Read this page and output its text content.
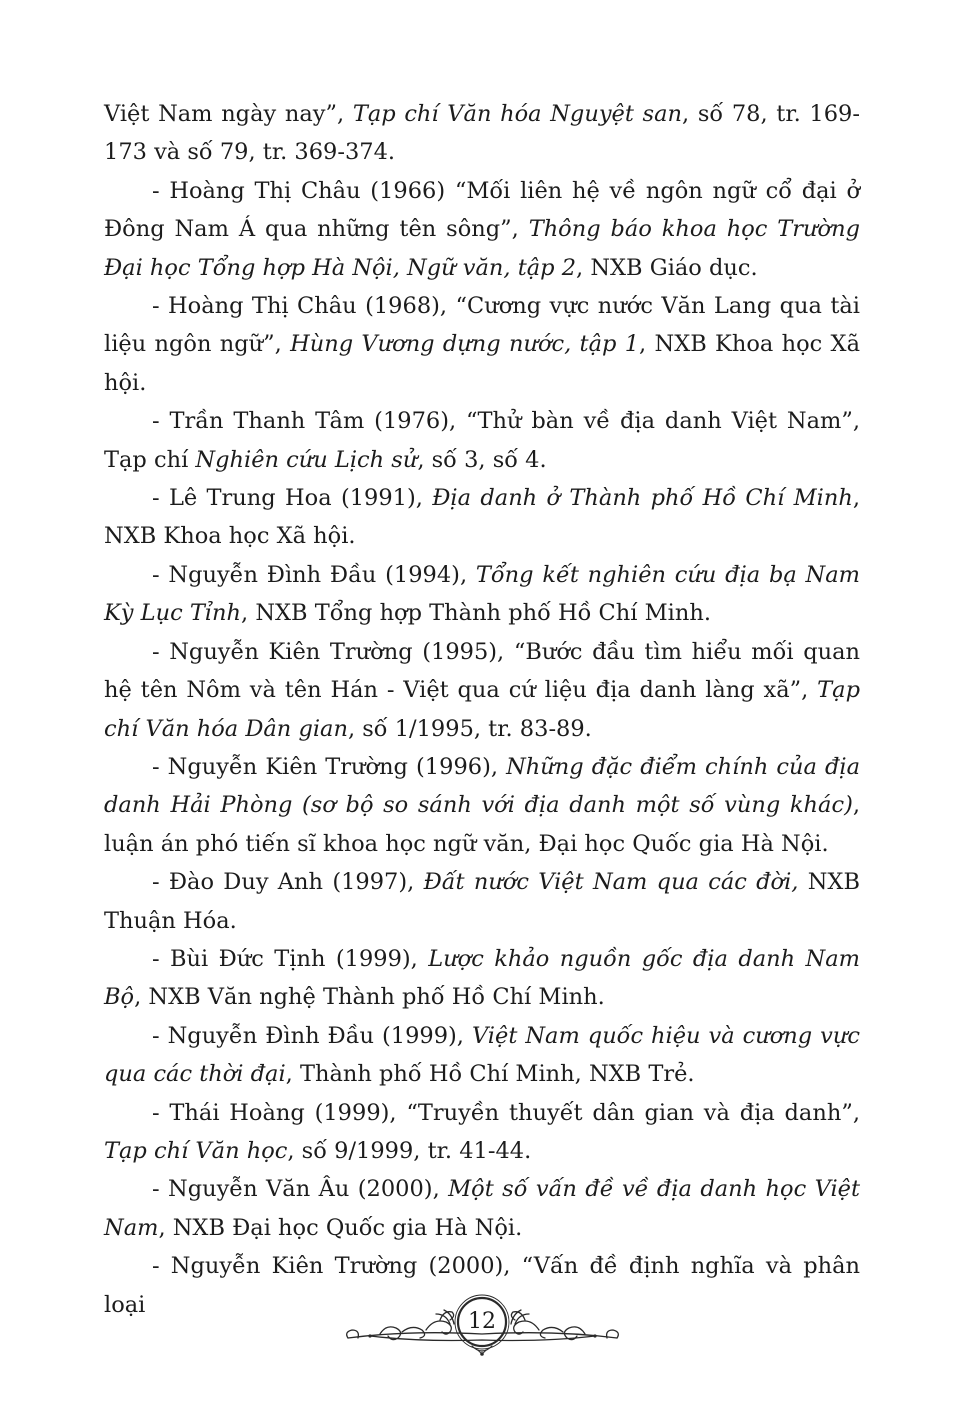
Việt Nam ngày nay”, Tạp chí Văn hóa Nguyệt san, số 78, tr. 169-173 và số 79, tr. 369-374.

- Hoàng Thị Châu (1966) “Mối liên hệ về ngôn ngữ cổ đại ở Đông Nam Á qua những tên sông”, Thông báo khoa học Trường Đại học Tổng hợp Hà Nội, Ngữ văn, tập 2, NXB Giáo dục.

- Hoàng Thị Châu (1968), “Cương vực nước Văn Lang qua tài liệu ngôn ngữ”, Hùng Vương dựng nước, tập 1, NXB Khoa học Xã hội.

- Trần Thanh Tâm (1976), “Thử bàn về địa danh Việt Nam”, Tạp chí Nghiên cứu Lịch sử, số 3, số 4.

- Lê Trung Hoa (1991), Địa danh ở Thành phố Hồ Chí Minh, NXB Khoa học Xã hội.

- Nguyễn Đình Đầu (1994), Tổng kết nghiên cứu địa bạ Nam Kỳ Lục Tỉnh, NXB Tổng hợp Thành phố Hồ Chí Minh.

- Nguyễn Kiên Trường (1995), “Bước đầu tìm hiểu mối quan hệ tên Nôm và tên Hán - Việt qua cứ liệu địa danh làng xã”, Tạp chí Văn hóa Dân gian, số 1/1995, tr. 83-89.

- Nguyễn Kiên Trường (1996), Những đặc điểm chính của địa danh Hải Phòng (sơ bộ so sánh với địa danh một số vùng khác), luận án phó tiến sĩ khoa học ngữ văn, Đại học Quốc gia Hà Nội.

- Đào Duy Anh (1997), Đất nước Việt Nam qua các đời, NXB Thuận Hóa.

- Bùi Đức Tịnh (1999), Lược khảo nguồn gốc địa danh Nam Bộ, NXB Văn nghệ Thành phố Hồ Chí Minh.

- Nguyễn Đình Đầu (1999), Việt Nam quốc hiệu và cương vực qua các thời đại, Thành phố Hồ Chí Minh, NXB Trẻ.

- Thái Hoàng (1999), “Truyền thuyết dân gian và địa danh”, Tạp chí Văn học, số 9/1999, tr. 41-44.

- Nguyễn Văn Âu (2000), Một số vấn đề về địa danh học Việt Nam, NXB Đại học Quốc gia Hà Nội.

- Nguyễn Kiên Trường (2000), “Vấn đề định nghĩa và phân loại

12
